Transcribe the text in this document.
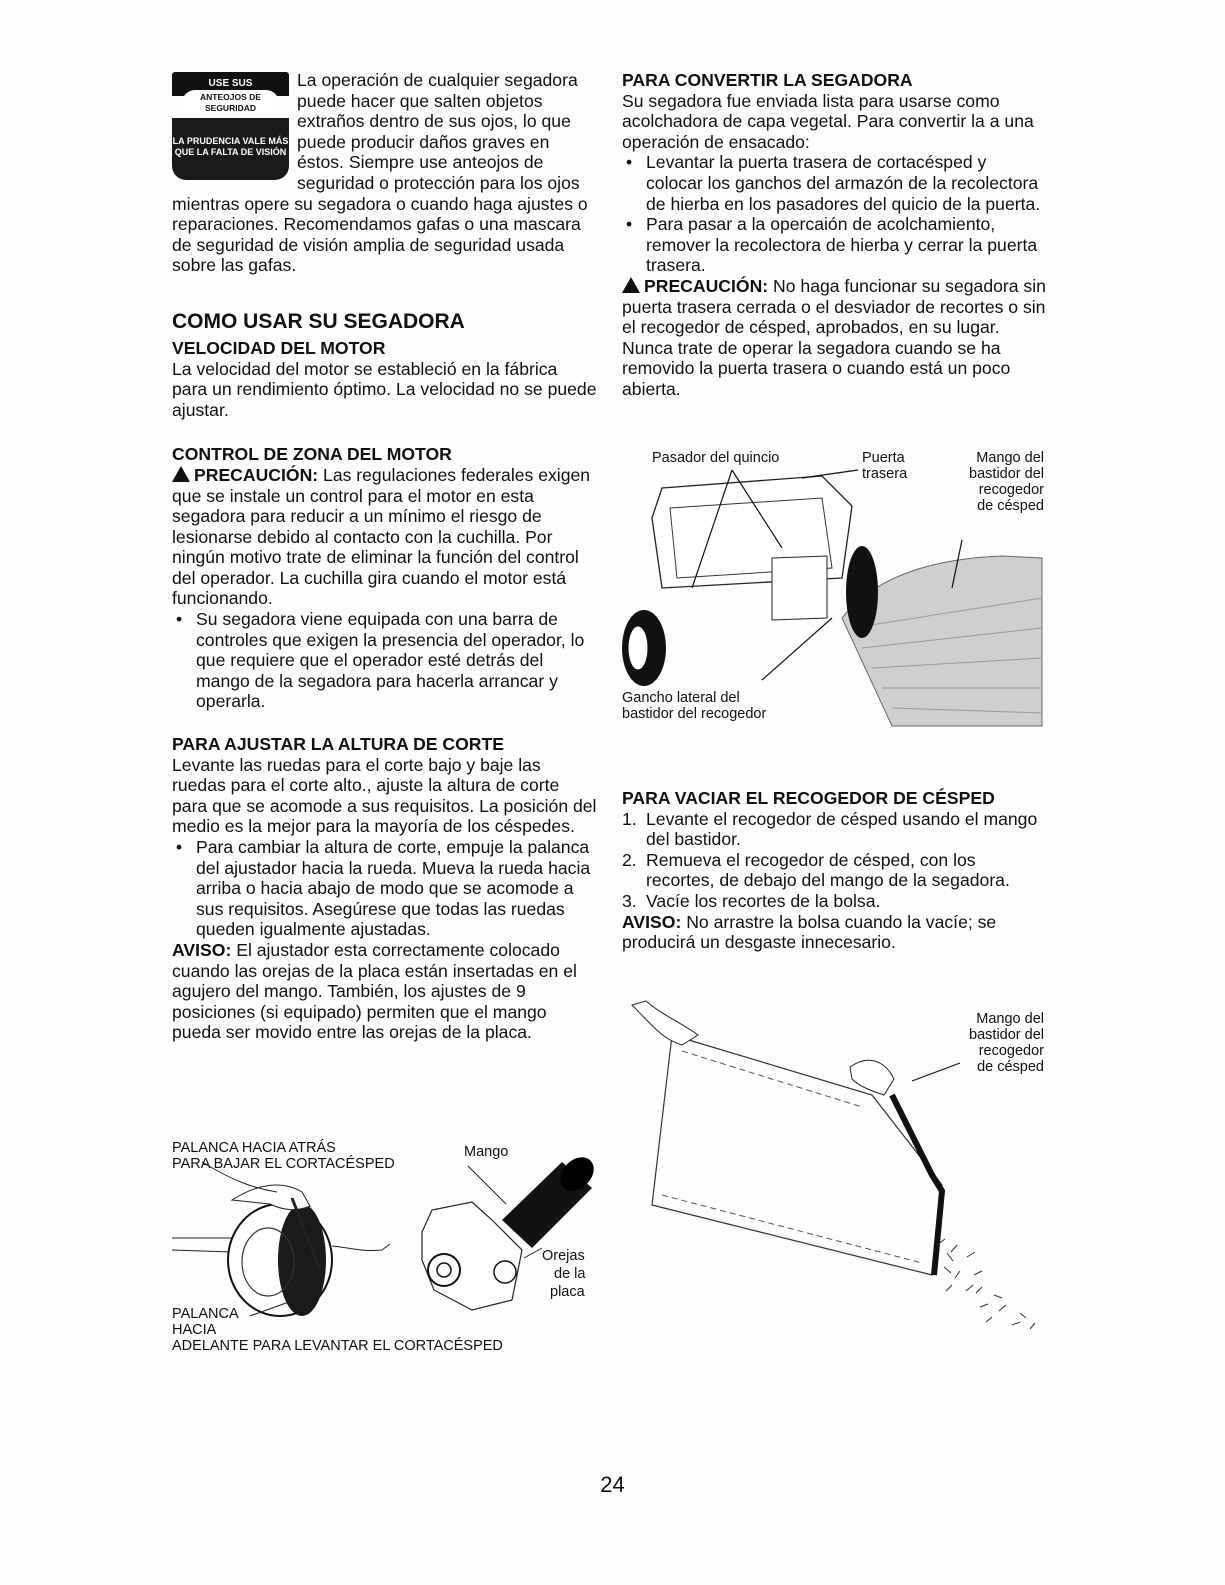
USE SUS
ANTEOJOS DE SEGURIDAD
LA PRUDENCIA VALE MÁS QUE LA FALTA DE VISIÓN

La operación de cualquier segadora puede hacer que salten objetos extraños dentro de sus ojos, lo que puede producir daños graves en éstos. Siempre use anteojos de seguridad o protección para los ojos mientras opere su segadora o cuando haga ajustes o reparaciones. Recomendamos gafas o una mascara de seguridad de visión amplia de seguridad usada sobre las gafas.

COMO USAR SU SEGADORA

VELOCIDAD DEL MOTOR

La velocidad del motor se estableció en la fábrica para un rendimiento óptimo. La velocidad no se puede ajustar.

CONTROL DE ZONA DEL MOTOR

PRECAUCIÓN: Las regulaciones federales exigen que se instale un control para el motor en esta segadora para reducir a un mínimo el riesgo de lesionarse debido al contacto con la cuchilla. Por ningún motivo trate de eliminar la función del control del operador. La cuchilla gira cuando el motor está funcionando.

• Su segadora viene equipada con una barra de controles que exigen la presencia del operador, lo que requiere que el operador esté detrás del mango de la segadora para hacerla arrancar y operarla.

PARA AJUSTAR LA ALTURA DE CORTE

Levante las ruedas para el corte bajo y baje las ruedas para el corte alto., ajuste la altura de corte para que se acomode a sus requisitos. La posición del medio es la mejor para la mayoría de los céspedes.

• Para cambiar la altura de corte, empuje la palanca del ajustador hacia la rueda. Mueva la rueda hacia arriba o hacia abajo de modo que se acomode a sus requisitos. Asegúrese que todas las ruedas queden igualmente ajustadas.

AVISO: El ajustador esta correctamente colocado cuando las orejas de la placa están insertadas en el agujero del mango. También, los ajustes de 9 posiciones (si equipado) permiten que el mango pueda ser movido entre las orejas de la placa.

PALANCA HACIA ATRÁS
PARA BAJAR EL CORTACÉSPED
Mango
Orejas
de la
placa
PALANCA
HACIA
ADELANTE PARA LEVANTAR EL CORTACÉSPED

PARA CONVERTIR LA SEGADORA

Su segadora fue enviada lista para usarse como acolchadora de capa vegetal. Para convertir la a una operación de ensacado:

• Levantar la puerta trasera de cortacésped y colocar los ganchos del armazón de la recolectora de hierba en los pasadores del quicio de la puerta.
• Para pasar a la opercaión de acolchamiento, remover la recolectora de hierba y cerrar la puerta trasera.

PRECAUCIÓN: No haga funcionar su segadora sin puerta trasera cerrada o el desviador de recortes o sin el recogedor de césped, aprobados, en su lugar. Nunca trate de operar la segadora cuando se ha removido la puerta trasera o cuando está un poco abierta.

Pasador del quincio	Puerta
trasera
Mango del
bastidor del
recogedor
de césped
Gancho lateral del
bastidor del recogedor

PARA VACIAR EL RECOGEDOR DE CÉSPED

1. Levante el recogedor de césped usando el mango del bastidor.
2. Remueva el recogedor de césped, con los recortes, de debajo del mango de la segadora.
3. Vacíe los recortes de la bolsa.

AVISO: No arrastre la bolsa cuando la vacíe; se producirá un desgaste innecesario.

Mango del
bastidor del
recogedor
de césped
24
